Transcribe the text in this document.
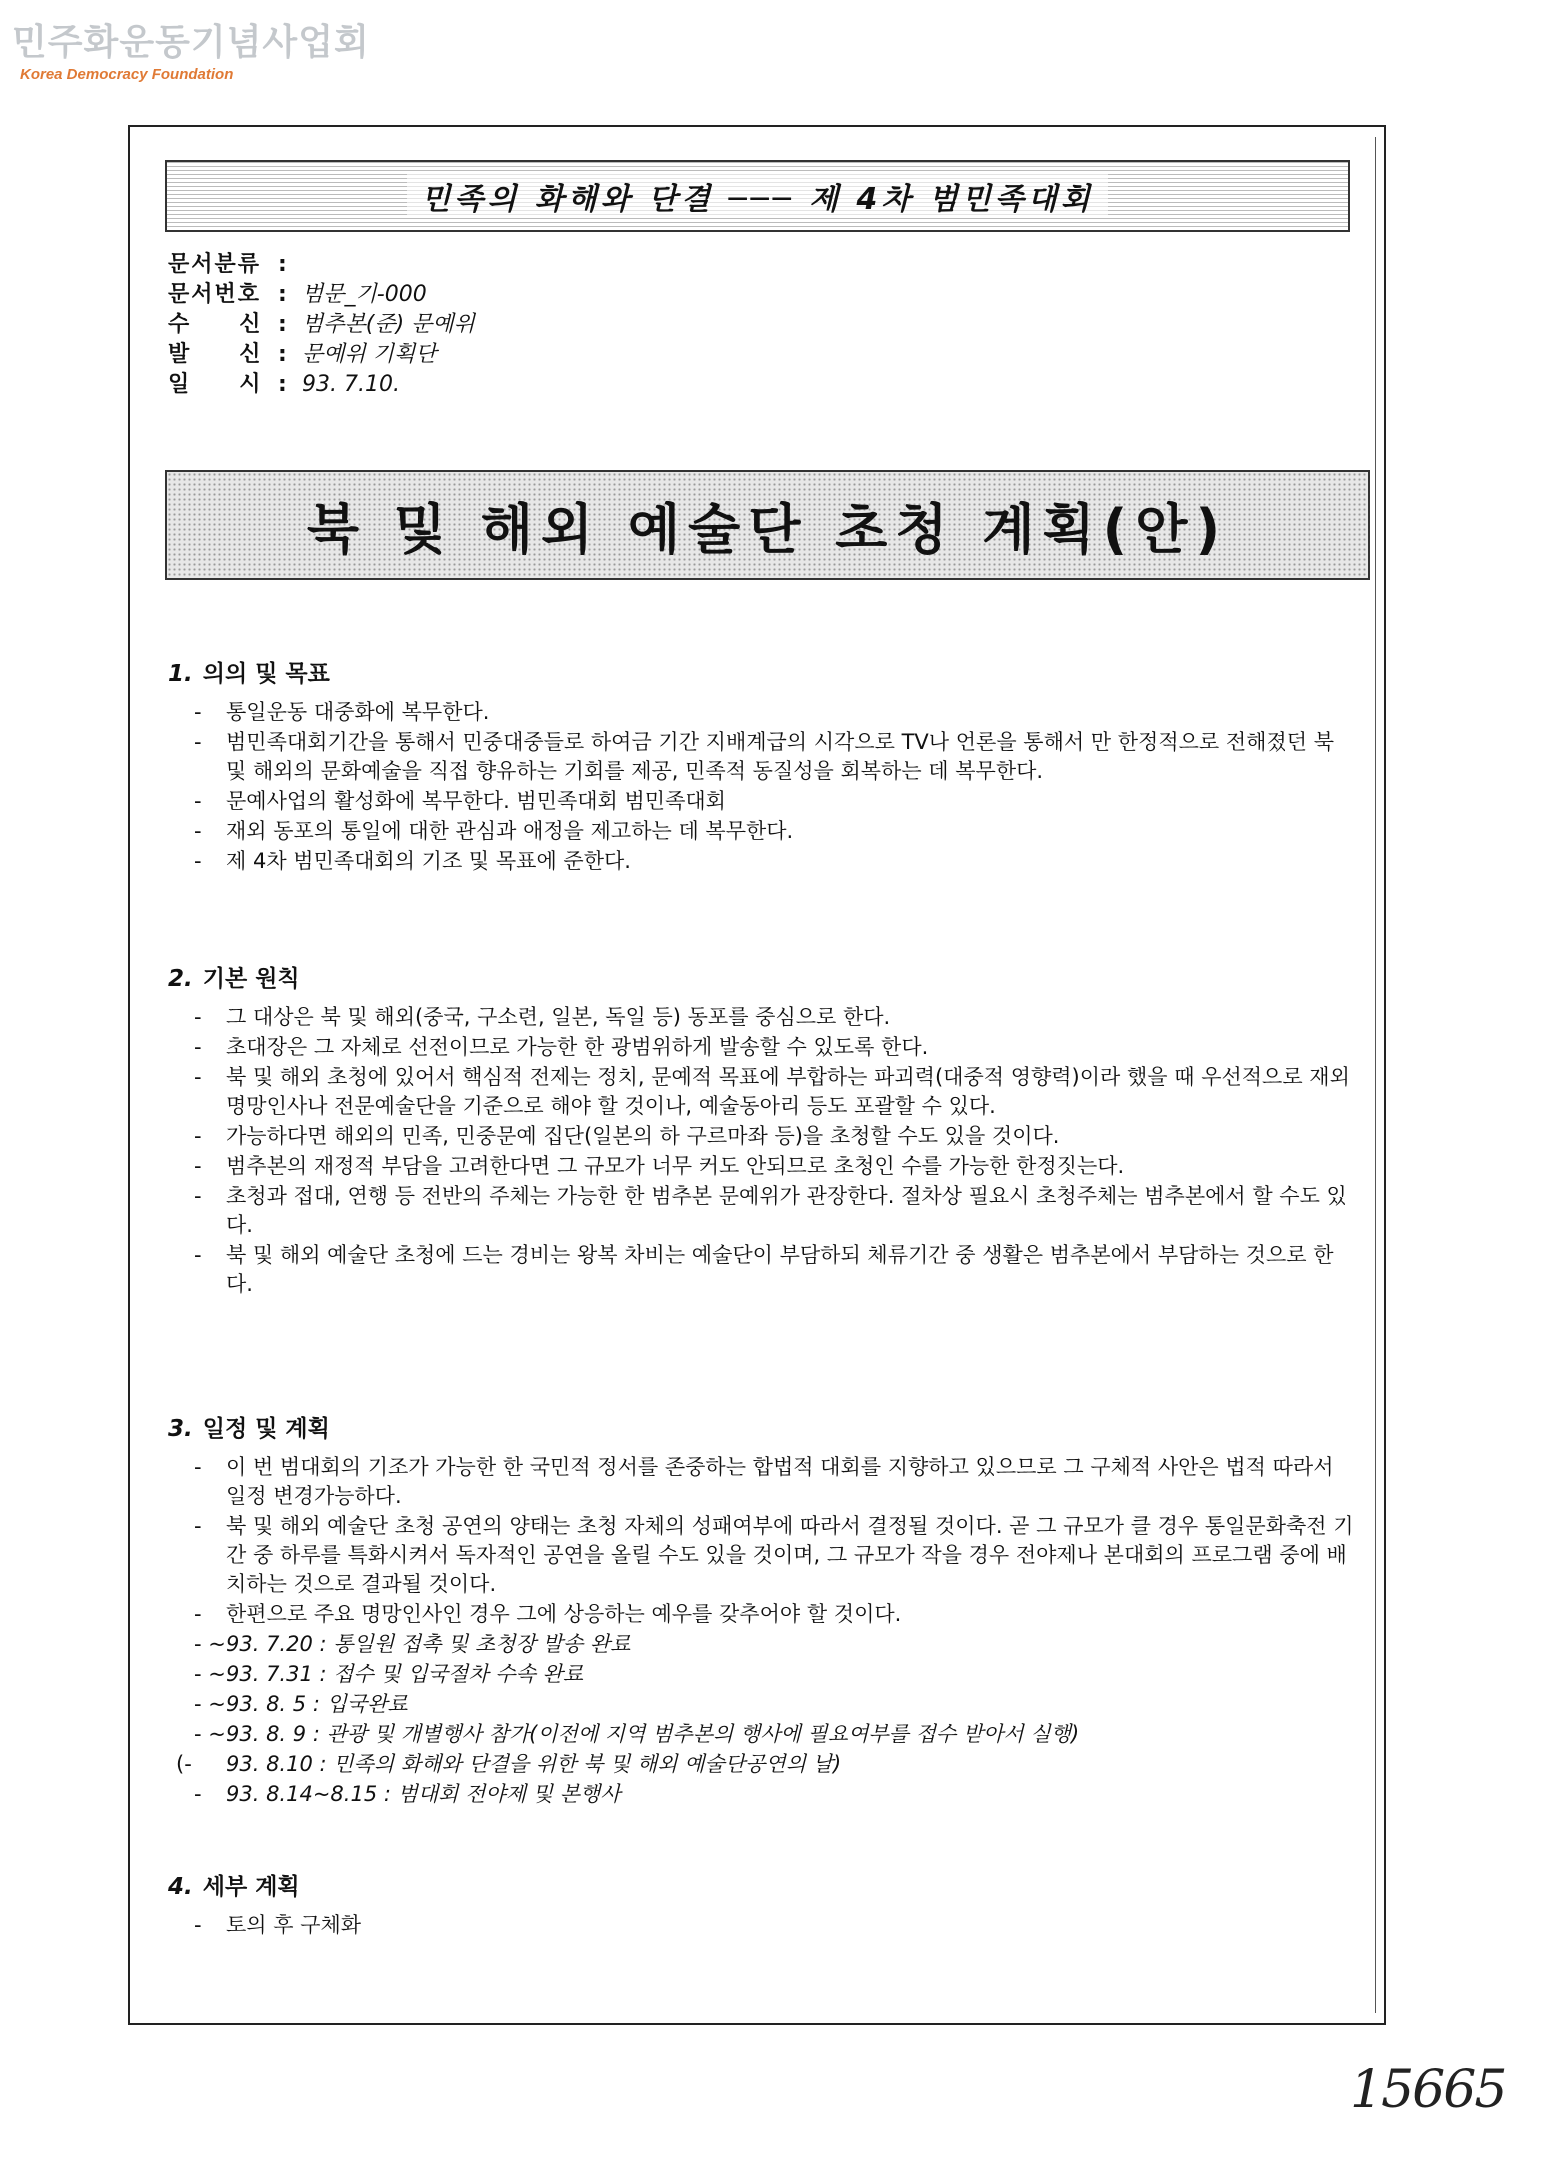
민주화운동기념사업회
Korea Democracy Foundation
민족의 화해와 단결 ─── 제 4차 범민족대회
문서분류 :
문서번호 : 범문_기-000
수　　신 : 범추본(준) 문예위
발　　신 : 문예위 기획단
일　　시 : 93. 7.10.
북 및 해외 예술단 초청 계획(안)
1. 의의 및 목표
- 통일운동 대중화에 복무한다.
- 범민족대회기간을 통해서 민중대중들로 하여금 기간 지배계급의 시각으로 TV나 언론을 통해서 만 한정적으로 전해졌던 북 및 해외의 문화예술을 직접 향유하는 기회를 제공, 민족적 동질성을 회복하는 데 복무한다.
- 문예사업의 활성화에 복무한다. 범민족대회 범민족대회
- 재외 동포의 통일에 대한 관심과 애정을 제고하는 데 복무한다.
- 제 4차 범민족대회의 기조 및 목표에 준한다.
2. 기본 원칙
- 그 대상은 북 및 해외(중국, 구소련, 일본, 독일 등) 동포를 중심으로 한다.
- 초대장은 그 자체로 선전이므로 가능한 한 광범위하게 발송할 수 있도록 한다.
- 북 및 해외 초청에 있어서 핵심적 전제는 정치, 문예적 목표에 부합하는 파괴력(대중적 영향력)이라 했을 때 우선적으로 재외 명망인사나 전문예술단을 기준으로 해야 할 것이나, 예술동아리 등도 포괄할 수 있다.
- 가능하다면 해외의 민족, 민중문예 집단(일본의 하 구르마좌 등)을 초청할 수도 있을 것이다.
- 범추본의 재정적 부담을 고려한다면 그 규모가 너무 커도 안되므로 초청인 수를 가능한 한정짓는다.
- 초청과 접대, 연행 등 전반의 주체는 가능한 한 범추본 문예위가 관장한다. 절차상 필요시 초청주체는 범추본에서 할 수도 있다.
- 북 및 해외 예술단 초청에 드는 경비는 왕복 차비는 예술단이 부담하되 체류기간 중 생활은 범추본에서 부담하는 것으로 한다.
3. 일정 및 계획
- 이 번 범대회의 기조가 가능한 한 국민적 정서를 존중하는 합법적 대회를 지향하고 있으므로 그 구체적 사안은 법적 따라서 일정 변경가능하다.
- 북 및 해외 예술단 초청 공연의 양태는 초청 자체의 성패여부에 따라서 결정될 것이다. 곧 그 규모가 클 경우 통일문화축전 기간 중 하루를 특화시켜서 독자적인 공연을 올릴 수도 있을 것이며, 그 규모가 작을 경우 전야제나 본대회의 프로그램 중에 배치하는 것으로 결과될 것이다.
- 한편으로 주요 명망인사인 경우 그에 상응하는 예우를 갖추어야 할 것이다.
- ~ 93. 7.20 : 통일원 접촉 및 초청장 발송 완료
- ~ 93. 7.31 : 접수 및 입국절차 수속 완료
- ~ 93. 8. 5 : 입국완료
- ~ 93. 8. 9 : 관광 및 개별행사 참가(이전에 지역 범추본의 행사에 필요여부를 접수 받아서 실행)
(- 93. 8.10 : 민족의 화해와 단결을 위한 북 및 해외 예술단공연의 날)
- 93. 8.14~8.15 : 범대회 전야제 및 본행사
4. 세부 계획
- 토의 후 구체화
15665
